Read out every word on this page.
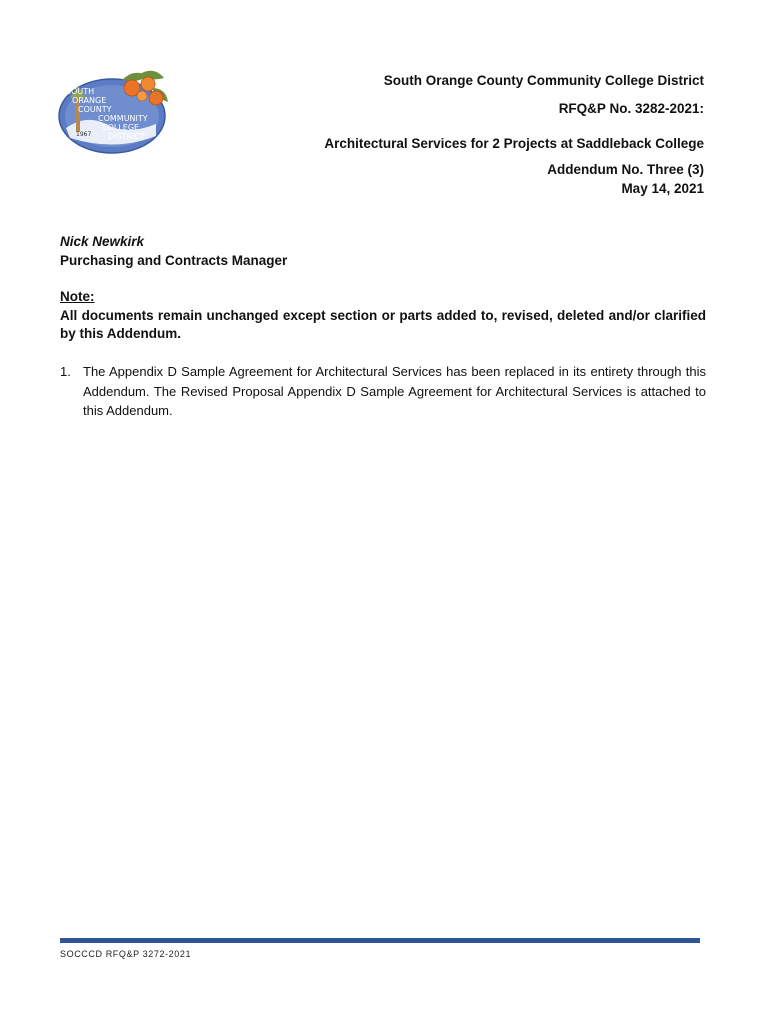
SOUTH
ORANGE
COUNTY
COMMUNITY
COLLEGE
DISTRICT
1967
South Orange County Community College District
RFQ&P No. 3282-2021:
Architectural Services for 2 Projects at Saddleback College
Addendum No. Three (3)
May 14, 2021
Nick Newkirk
Purchasing and Contracts Manager
Note:
All documents remain unchanged except section or parts added to, revised, deleted and/or clarified by this Addendum.
1. The Appendix D Sample Agreement for Architectural Services has been replaced in its entirety through this Addendum. The Revised Proposal Appendix D Sample Agreement for Architectural Services is attached to this Addendum.
SOCCCD RFQ&P 3272-2021
